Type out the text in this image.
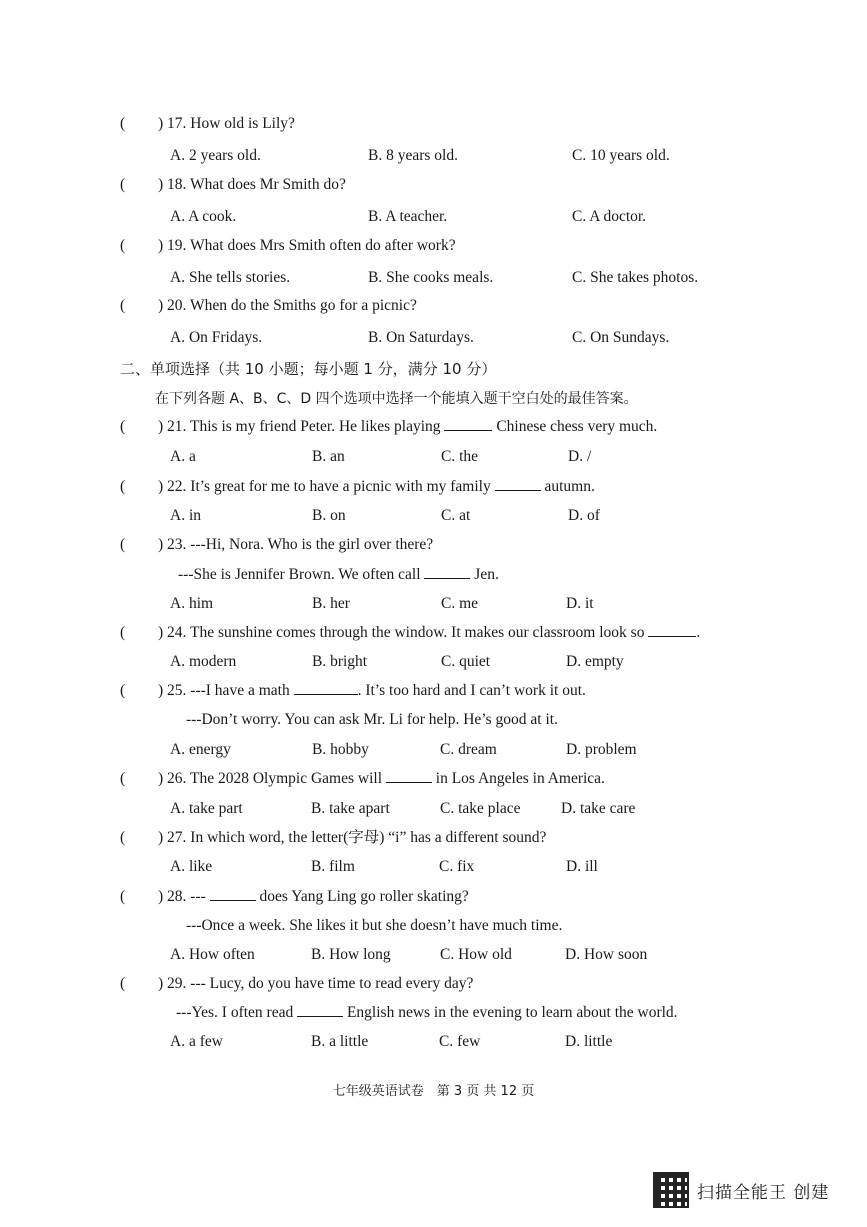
( ) 17. How old is Lily?
A. 2 years old.	B. 8 years old.	C. 10 years old.
( ) 18. What does Mr Smith do?
A. A cook.	B. A teacher.	C. A doctor.
( ) 19. What does Mrs Smith often do after work?
A. She tells stories.	B. She cooks meals.	C. She takes photos.
( ) 20. When do the Smiths go for a picnic?
A. On Fridays.	B. On Saturdays.	C. On Sundays.
二、单项选择（共 10 小题；每小题 1 分，满分 10 分）
在下列各题 A、B、C、D 四个选项中选择一个能填入题干空白处的最佳答案。
( ) 21. This is my friend Peter. He likes playing	Chinese chess very much.
A. a	B. an	C. the	D. /
( ) 22. It’s great for me to have a picnic with my family	autumn.
A. in	B. on	C. at	D. of
( ) 23. ---Hi, Nora. Who is the girl over there?
---She is Jennifer Brown. We often call	Jen.
A. him	B. her	C. me	D. it
( ) 24. The sunshine comes through the window. It makes our classroom look so	.
A. modern	B. bright	C. quiet	D. empty
( ) 25. ---I have a math	. It’s too hard and I can’t work it out.
---Don’t worry. You can ask Mr. Li for help. He’s good at it.
A. energy	B. hobby	C. dream	D. problem
( ) 26. The 2028 Olympic Games will	in Los Angeles in America.
A. take part	B. take apart	C. take place	D. take care
( ) 27. In which word, the letter(字母) “i” has a different sound?
A. like	B. film	C. fix	D. ill
( ) 28. ---	does Yang Ling go roller skating?
---Once a week. She likes it but she doesn’t have much time.
A. How often	B. How long	C. How old	D. How soon
( ) 29. --- Lucy, do you have time to read every day?
---Yes. I often read	English news in the evening to learn about the world.
A. a few	B. a little	C. few	D. little
七年级英语试卷　第 3 页 共 12 页
扫描全能王 创建
